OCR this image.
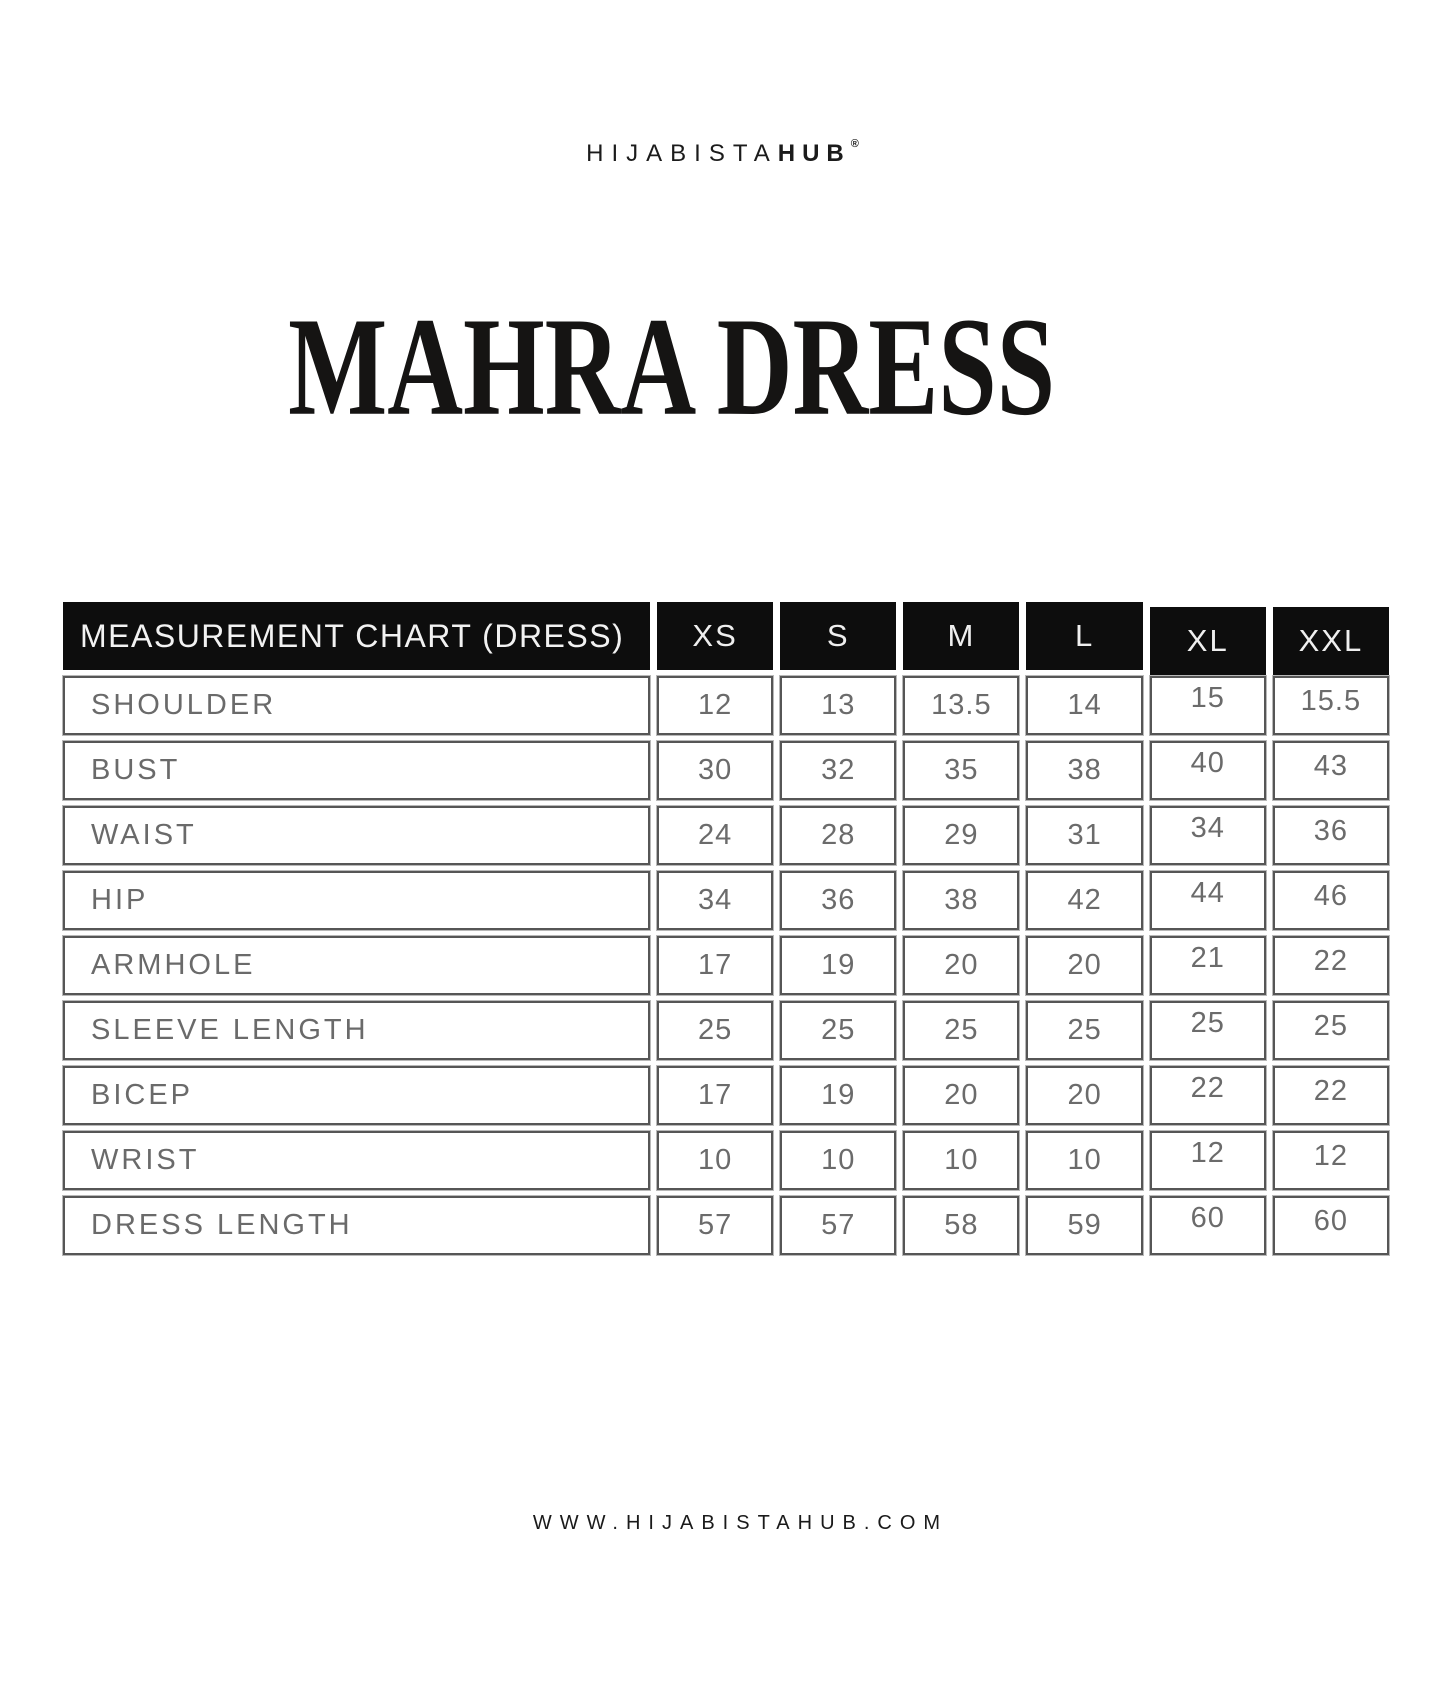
HIJABISTAHUB®
MAHRA DRESS
MEASUREMENT CHART (DRESS)	XS	S	M	L	XL	XXL
SHOULDER	12	13	13.5	14	15	15.5
BUST	30	32	35	38	40	43
WAIST	24	28	29	31	34	36
HIP	34	36	38	42	44	46
ARMHOLE	17	19	20	20	21	22
SLEEVE LENGTH	25	25	25	25	25	25
BICEP	17	19	20	20	22	22
WRIST	10	10	10	10	12	12
DRESS LENGTH	57	57	58	59	60	60
WWW.HIJABISTAHUB.COM
